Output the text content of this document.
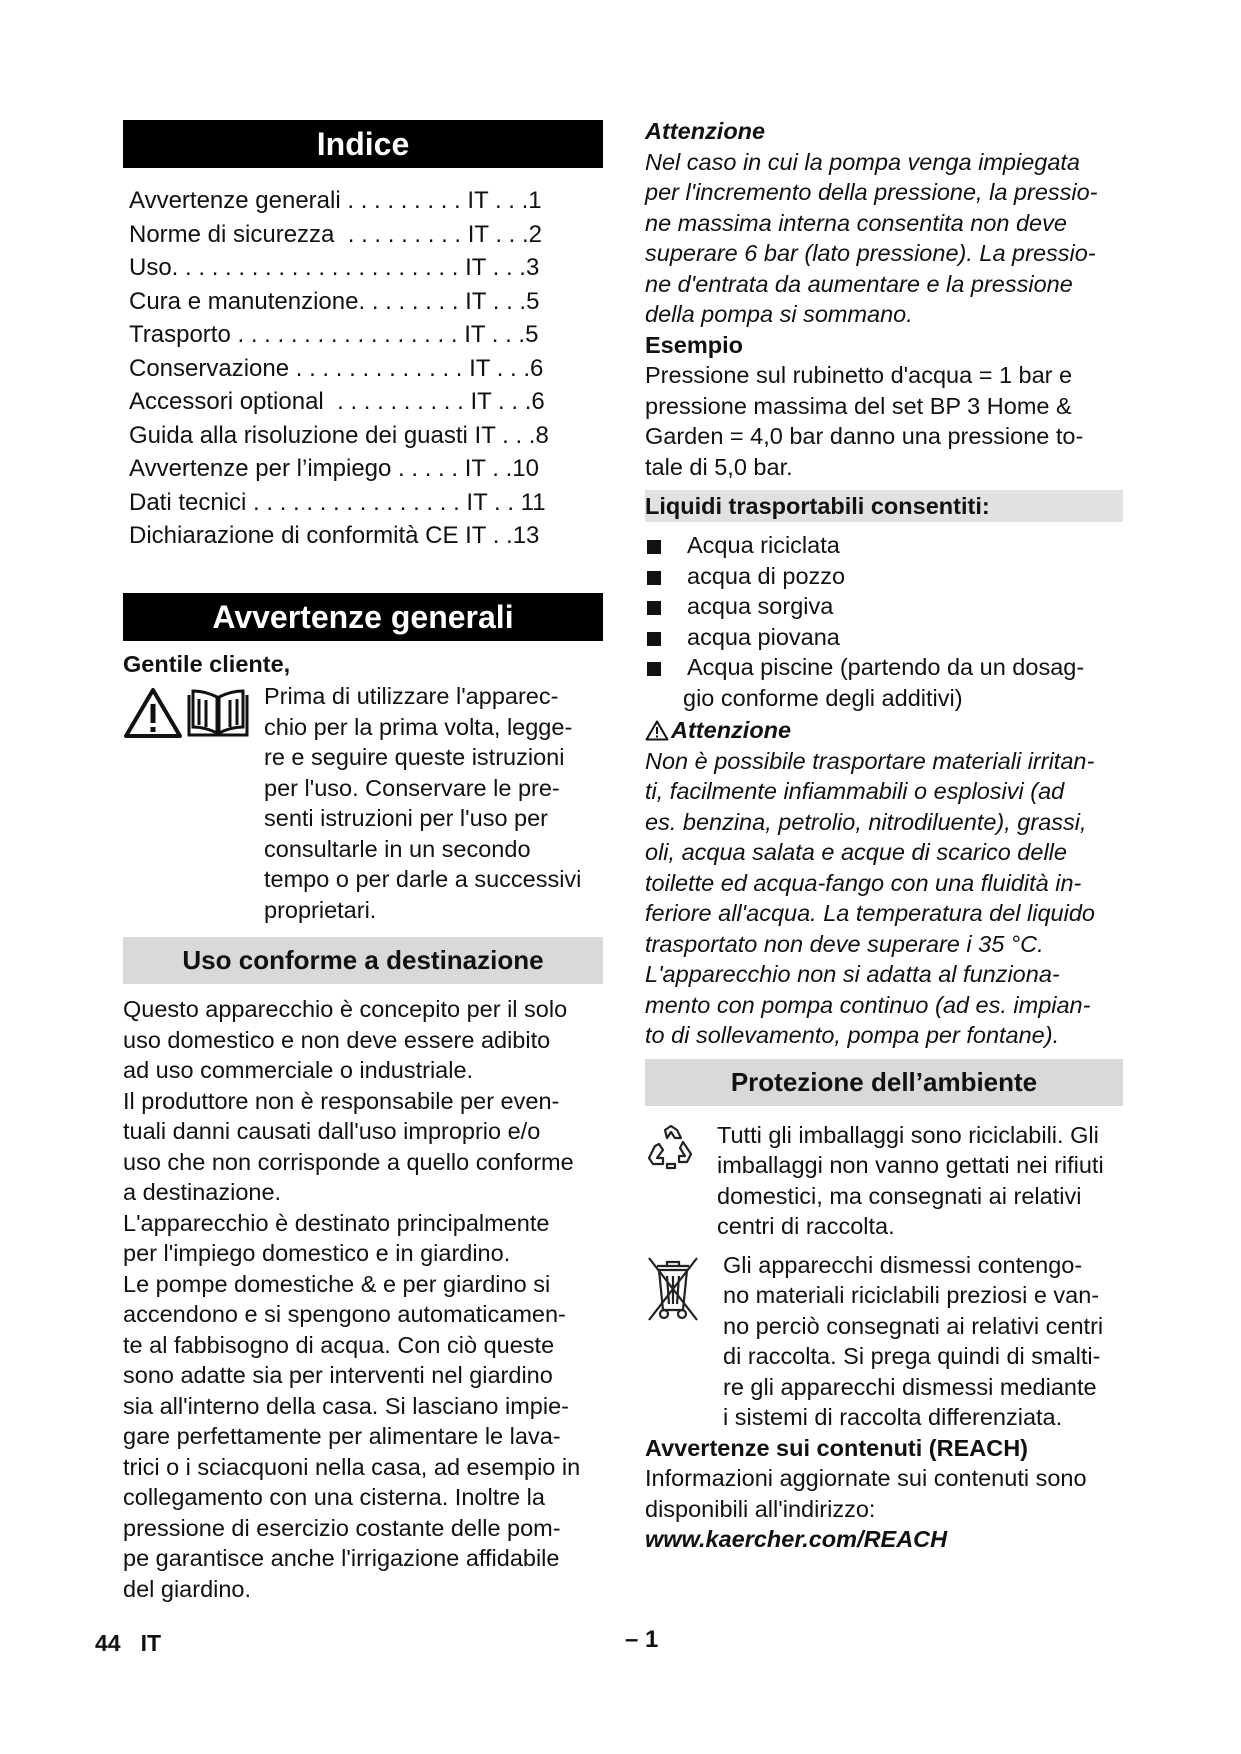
Indice
Avvertenze generali . . . . . . . . . IT . . .1
Norme di sicurezza  . . . . . . . . . IT . . .2
Uso. . . . . . . . . . . . . . . . . . . . . . IT . . .3
Cura e manutenzione. . . . . . . . IT . . .5
Trasporto . . . . . . . . . . . . . . . . . IT . . .5
Conservazione . . . . . . . . . . . . . IT . . .6
Accessori optional  . . . . . . . . . . IT . . .6
Guida alla risoluzione dei guasti IT . . .8
Avvertenze per l’impiego . . . . . IT . .10
Dati tecnici . . . . . . . . . . . . . . . . IT . . 11
Dichiarazione di conformità CE IT . .13
Avvertenze generali
Gentile cliente,

Prima di utilizzare l'apparec-

chio per la prima volta, legge-

re e seguire queste istruzioni

per l'uso. Conservare le pre-

senti istruzioni per l'uso per

consultarle in un secondo

tempo o per darle a successivi

proprietari.

Uso conforme a destinazione

Questo apparecchio è concepito per il solo

uso domestico e non deve essere adibito

ad uso commerciale o industriale.

Il produttore non è responsabile per even-

tuali danni causati dall'uso improprio e/o

uso che non corrisponde a quello conforme

a destinazione.

L'apparecchio è destinato principalmente

per l'impiego domestico e in giardino.

Le pompe domestiche & e per giardino si

accendono e si spengono automaticamen-

te al fabbisogno di acqua. Con ciò queste

sono adatte sia per interventi nel giardino

sia all'interno della casa. Si lasciano impie-

gare perfettamente per alimentare le lava-

trici o i sciacquoni nella casa, ad esempio in

collegamento con una cisterna. Inoltre la

pressione di esercizio costante delle pom-

pe garantisce anche l'irrigazione affidabile

del giardino.

Attenzione

Nel caso in cui la pompa venga impiegata

per l'incremento della pressione, la pressio-

ne massima interna consentita non deve

superare 6 bar (lato pressione). La pressio-

ne d'entrata da aumentare e la pressione

della pompa si sommano.

Esempio

Pressione sul rubinetto d'acqua = 1 bar e

pressione massima del set BP 3 Home &

Garden = 4,0 bar danno una pressione to-

tale di 5,0 bar.

Liquidi trasportabili consentiti:
Acqua riciclata
acqua di pozzo
acqua sorgiva
acqua piovana
Acqua piscine (partendo da un dosag-
gio conforme degli additivi)
Attenzione

Non è possibile trasportare materiali irritan-

ti, facilmente infiammabili o esplosivi (ad

es. benzina, petrolio, nitrodiluente), grassi,

oli, acqua salata e acque di scarico delle

toilette ed acqua-fango con una fluidità in-

feriore all'acqua. La temperatura del liquido

trasportato non deve superare i 35 °C.

L'apparecchio non si adatta al funziona-

mento con pompa continuo (ad es. impian-

to di sollevamento, pompa per fontane).

Protezione dell’ambiente

Tutti gli imballaggi sono riciclabili. Gli

imballaggi non vanno gettati nei rifiuti

domestici, ma consegnati ai relativi

centri di raccolta.

Gli apparecchi dismessi contengo-

no materiali riciclabili preziosi e van-

no perciò consegnati ai relativi centri

di raccolta. Si prega quindi di smalti-

re gli apparecchi dismessi mediante

i sistemi di raccolta differenziata.

Avvertenze sui contenuti (REACH)

Informazioni aggiornate sui contenuti sono

disponibili all'indirizzo:

www.kaercher.com/REACH

44 IT	– 1
